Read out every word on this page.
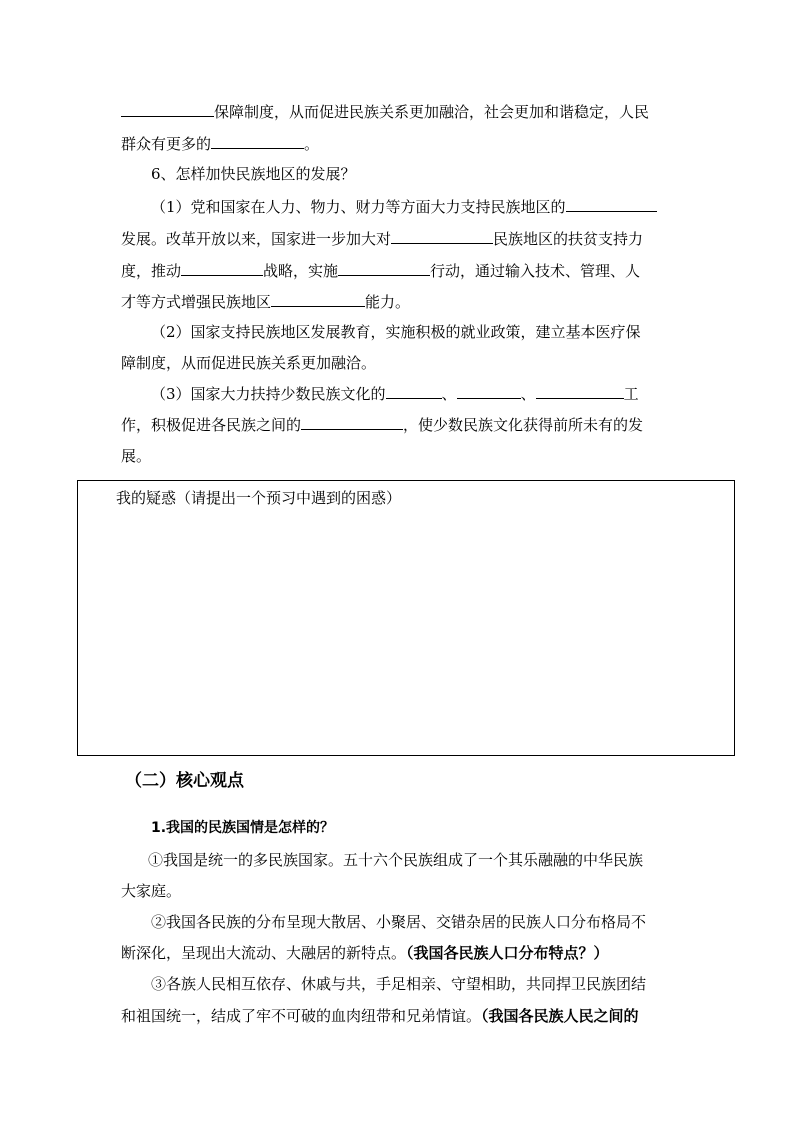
保障制度，从而促进民族关系更加融洽，社会更加和谐稳定，人民
群众有更多的	。
6、怎样加快民族地区的发展？
（1）党和国家在人力、物力、财力等方面大力支持民族地区的
发展。改革开放以来，国家进一步加大对	民族地区的扶贫支持力
度，推动	战略，实施	行动，通过输入技术、管理、人
才等方式增强民族地区	能力。
（2）国家支持民族地区发展教育，实施积极的就业政策，建立基本医疗保
障制度，从而促进民族关系更加融洽。
（3）国家大力扶持少数民族文化的	、	、	工
作，积极促进各民族之间的	，使少数民族文化获得前所未有的发
展。
我的疑惑（请提出一个预习中遇到的困惑）
（二）核心观点
1.我国的民族国情是怎样的？
①我国是统一的多民族国家。五十六个民族组成了一个其乐融融的中华民族
大家庭。
②我国各民族的分布呈现大散居、小聚居、交错杂居的民族人口分布格局不
断深化，呈现出大流动、大融居的新特点。（我国各民族人口分布特点？）
③各族人民相互依存、休戚与共，手足相亲、守望相助，共同捍卫民族团结
和祖国统一，结成了牢不可破的血肉纽带和兄弟情谊。（我国各民族人民之间的
